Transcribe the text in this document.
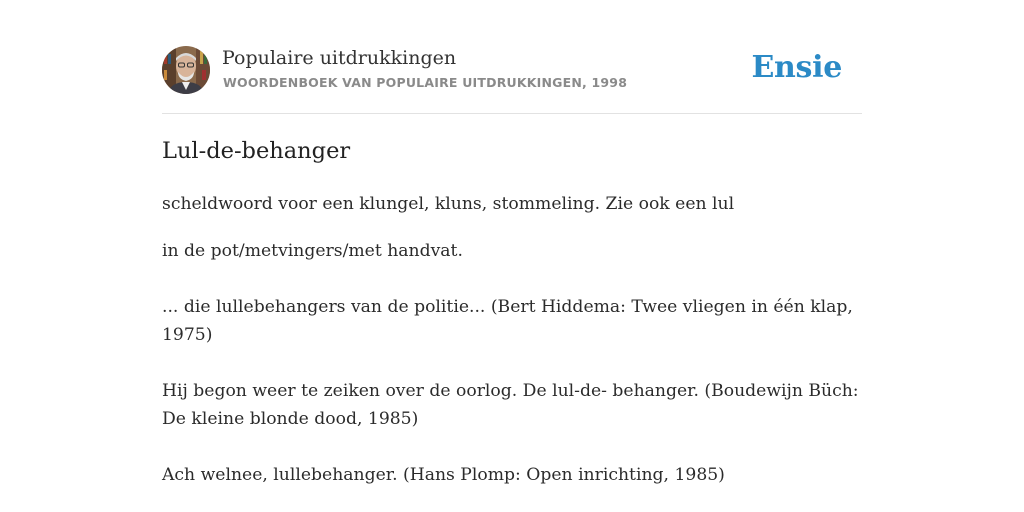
Populaire uitdrukkingen
WOORDENBOEK VAN POPULAIRE UITDRUKKINGEN, 1998	Ensie
Lul-de-behanger

scheldwoord voor een klungel, kluns, stommeling. Zie ook een lul

in de pot/metvingers/met handvat.

... die lullebehangers van de politie... (Bert Hiddema: Twee vliegen in één klap, 1975)

Hij begon weer te zeiken over de oorlog. De lul-de- behanger. (Boudewijn Büch: De kleine blonde dood, 1985)

Ach welnee, lullebehanger. (Hans Plomp: Open inrichting, 1985)
